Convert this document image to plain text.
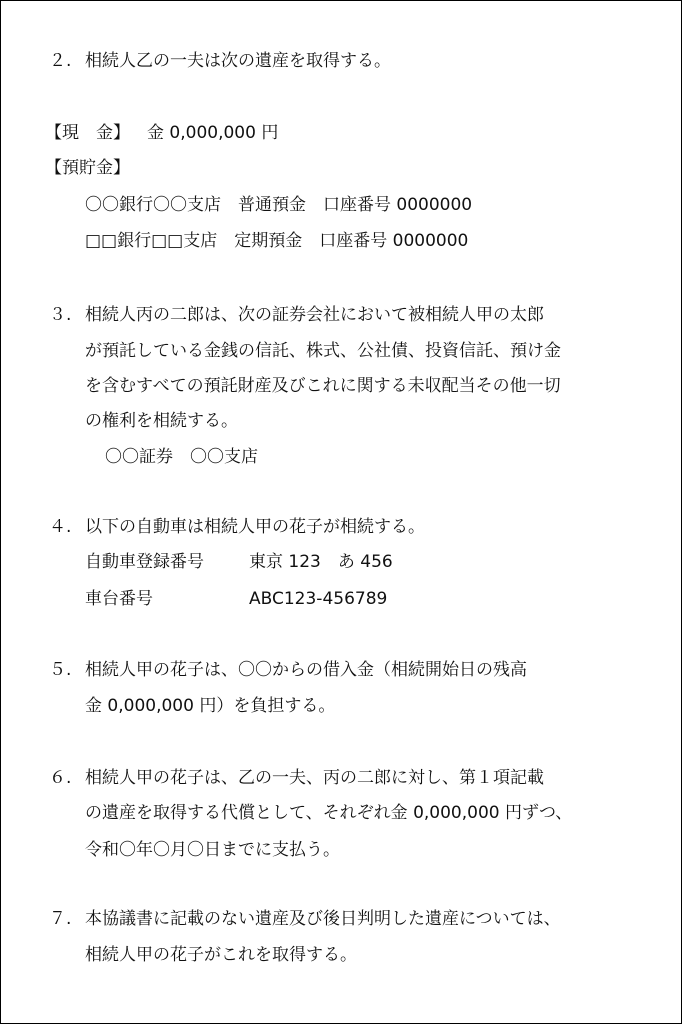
２. 相続人乙の一夫は次の遺産を取得する。
【現　金】 金 0,000,000 円
【預貯金】
〇〇銀行〇〇支店　普通預金　口座番号 0000000
□□銀行□□支店　定期預金　口座番号 0000000
３. 相続人丙の二郎は、次の証券会社において被相続人甲の太郎
が預託している金銭の信託、株式、公社債、投資信託、預け金
を含むすべての預託財産及びこれに関する未収配当その他一切
の権利を相続する。
〇〇証券　〇〇支店
４. 以下の自動車は相続人甲の花子が相続する。
自動車登録番号	東京 123　あ 456
車台番号	ABC123-456789
５. 相続人甲の花子は、〇〇からの借入金（相続開始日の残高
金 0,000,000 円）を負担する。
６. 相続人甲の花子は、乙の一夫、丙の二郎に対し、第１項記載
の遺産を取得する代償として、それぞれ金 0,000,000 円ずつ、
令和〇年〇月〇日までに支払う。
７. 本協議書に記載のない遺産及び後日判明した遺産については、
相続人甲の花子がこれを取得する。
